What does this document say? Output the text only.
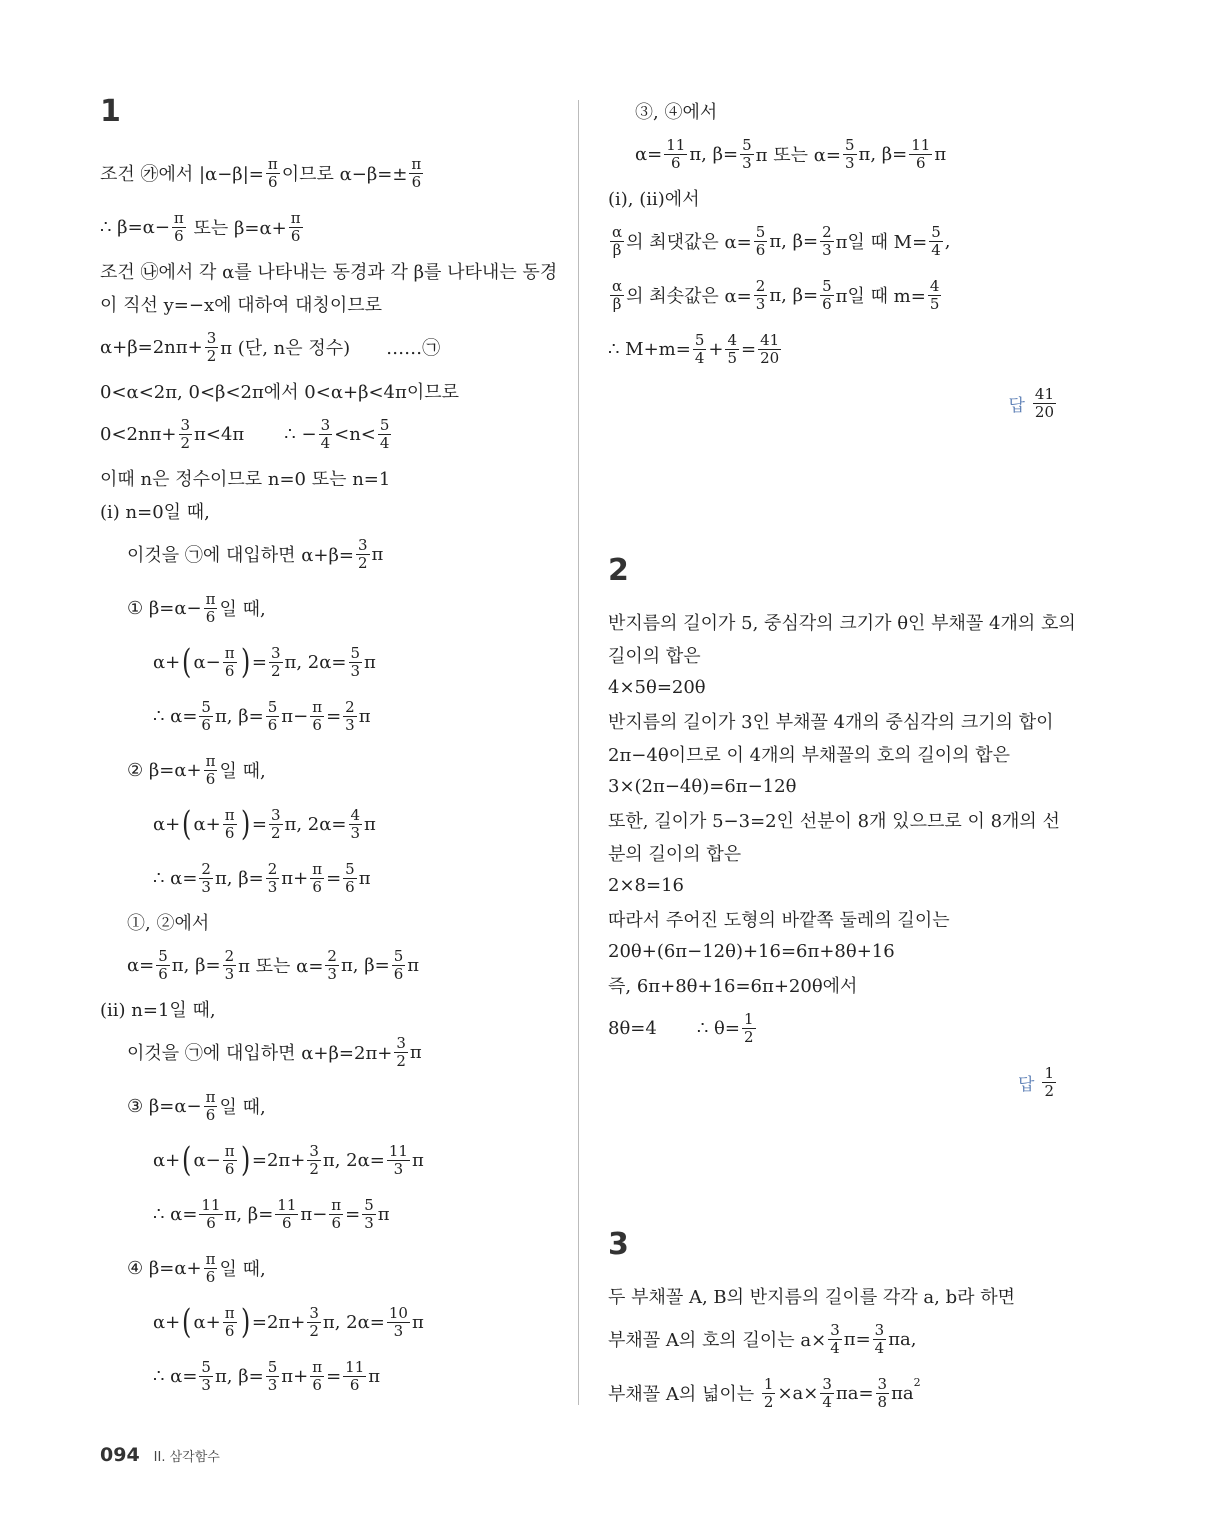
1
조건 ㉮에서 $|\alpha-\beta|= \frac{\pi}{6}$ 이므로 $\alpha-\beta=\pm \frac{\pi}{6}$
∴ $\beta=\alpha- \frac{\pi}{6}$ 또는 $\beta=\alpha+ \frac{\pi}{6}$
조건 ㉯에서 각 α를 나타내는 동경과 각 β를 나타내는 동경
이 직선 y=−x에 대하여 대칭이므로
$\alpha+\beta=2n\pi+ \frac{3}{2}$ π (단, n은 정수) ……㉠
0<α<2π, 0<β<2π에서 0<α+β<4π이므로
$0<2n\pi+ \frac{3}{2} \pi<4\pi$       ∴ − $\frac{3}{4} <n< \frac{5}{4}$
이때 n은 정수이므로 n=0 또는 n=1
(i) n=0일 때,
이것을 ㉠에 대입하면 $\alpha+\beta= \frac{3}{2}$ π
① $\beta=\alpha- \frac{\pi}{6}$ 일 때,
α+ ( $\alpha- \frac{\pi}{6}$ ) = $\frac{3}{2} \pi$, $2\alpha= \frac{5}{3}$ π
∴ $\alpha= \frac{5}{6} \pi$, $\beta= \frac{5}{6} \pi- \frac{\pi}{6} = \frac{2}{3}$ π
② $\beta=\alpha+ \frac{\pi}{6}$ 일 때,
α+ ( $\alpha+ \frac{\pi}{6}$ ) = $\frac{3}{2} \pi$, $2\alpha= \frac{4}{3}$ π
∴ $\alpha= \frac{2}{3} \pi$, $\beta= \frac{2}{3} \pi+ \frac{\pi}{6} = \frac{5}{6}$ π
①, ②에서
$\alpha= \frac{5}{6} \pi$, $\beta= \frac{2}{3}$ π 또는 $\alpha= \frac{2}{3} \pi$, $\beta= \frac{5}{6}$ π
(ii) n=1일 때,
이것을 ㉠에 대입하면 $\alpha+\beta=2\pi+ \frac{3}{2}$ π
③ $\beta=\alpha- \frac{\pi}{6}$ 일 때,
α+ ( $\alpha- \frac{\pi}{6}$ ) $=2\pi+ \frac{3}{2} \pi$, $2\alpha= \frac{11}{3}$ π
∴ $\alpha= \frac{11}{6} \pi$, $\beta= \frac{11}{6} \pi- \frac{\pi}{6} = \frac{5}{3}$ π
④ $\beta=\alpha+ \frac{\pi}{6}$ 일 때,
α+ ( $\alpha+ \frac{\pi}{6}$ ) $=2\pi+ \frac{3}{2} \pi$, $2\alpha= \frac{10}{3}$ π
∴ $\alpha= \frac{5}{3} \pi$, $\beta= \frac{5}{3} \pi+ \frac{\pi}{6} = \frac{11}{6}$ π
③, ④에서
$\alpha= \frac{11}{6} \pi$, $\beta= \frac{5}{3}$ π 또는 $\alpha= \frac{5}{3} \pi$, $\beta= \frac{11}{6}$ π
(i), (ii)에서
$\frac{\alpha}{\beta}$ 의 최댓값은 $\alpha= \frac{5}{6} \pi$, $\beta= \frac{2}{3}$ π일 때 $M= \frac{5}{4}$ ,
$\frac{\alpha}{\beta}$ 의 최솟값은 $\alpha= \frac{2}{3} \pi$, $\beta= \frac{5}{6}$ π일 때 $m= \frac{4}{5}$
∴ $M+m= \frac{5}{4} + \frac{4}{5} = \frac{41}{20}$
답 $\frac{41}{20}$
2
반지름의 길이가 5, 중심각의 크기가 θ인 부채꼴 4개의 호의
길이의 합은
4×5θ=20θ
반지름의 길이가 3인 부채꼴 4개의 중심각의 크기의 합이
2π−4θ이므로 이 4개의 부채꼴의 호의 길이의 합은
3×(2π−4θ)=6π−12θ
또한, 길이가 5−3=2인 선분이 8개 있으므로 이 8개의 선
분의 길이의 합은
2×8=16
따라서 주어진 도형의 바깥쪽 둘레의 길이는
20θ+(6π−12θ)+16=6π+8θ+16
즉, 6π+8θ+16=6π+20θ에서
8θ=4       ∴ $\theta= \frac{1}{2}$
답 $\frac{1}{2}$
3
두 부채꼴 A, B의 반지름의 길이를 각각 a, b라 하면
부채꼴 A의 호의 길이는 $a\times \frac{3}{4} \pi= \frac{3}{4} \pi a$,
부채꼴 A의 넓이는 $\frac{1}{2} \times a\times \frac{3}{4} \pi a= \frac{3}{8}$ πa 2
094 II. 삼각함수
